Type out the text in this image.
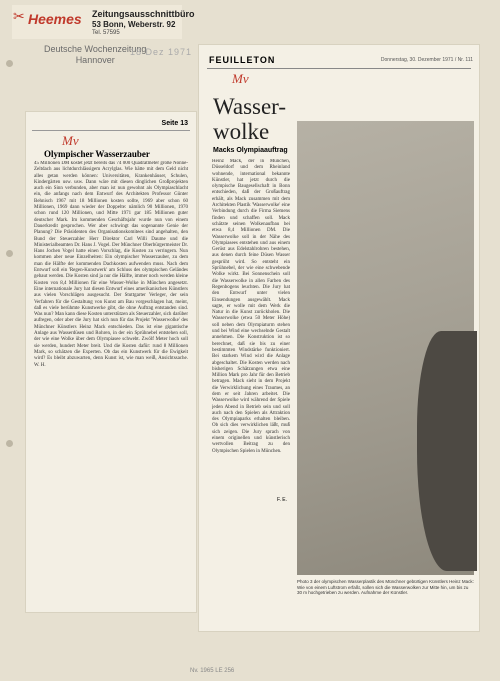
✂ Heemes Zeitungsausschnittbüro
53 Bonn, Weberstr. 92
Tel. 57595
Deutsche Wochenzeitung
Hannover
18 Dez 1971
Seite 13
Mv
Olympischer Wasserzauber
45 Millionen DM kostet jetzt bereits das 74 000 Quadratmeter große Nonne-Zeltdach aus lichtdurchlässigem Acrylglas. Wie hätte mit dem Geld nicht alles getan werden können: Universitäten, Krankenhäuser, Schulen, Kindergärten usw. usw. Dann wäre mit diesen dinglichen Großprojekten auch ein Sinn verbunden, aber man ist nun gewohnt als Olympiaschlacht ein, die anfangs nach dem Entwurf des Architekten Professor Günter Behnisch 1967 mit 18 Millionen kosten sollte, 1969 aber schon 60 Millionen, 1969 dann wieder der Doppelte: nämlich 90 Millionen, 1970 schon rund 120 Millionen, und Mitte 1971 gar 185 Millionen guter deutscher Mark. Im kommenden Geschäftsjahr wurde nun von einem Dauerkredit gesprochen. Wer aber schwingt das sogenannte Genie der Planung? Die Präsidenten des Organisationskomitees sind angehalten, den Bund der Steuerzahler Herr Direktor Carl Willi Daume und die Ministerialbeamten Dr. Hans J. Vogel. Der Münchner Oberbürgermeister Dr. Hans Jochen Vogel hatte einen Vorschlag, die Kosten zu verringern. Nun kommen aber neue Einzelheiten: Ein olympischer Wasserzauber, zu dem man die Hälfte der kommenden Dachkosten aufwenden muss. Nach dem Entwurf soll ein 'Regen-Kunstwerk' am Schluss des olympischen Geländes gebaut werden. Die Kosten sind ja nur die Hälfte, immer noch werden kleine Kosten von 8,4 Millionen für eine Wasser-Wolke in München angesetzt. Eine internationale Jury hat diesen Entwurf eines amerikanischen Künstlers aus vielen Vorschlägen ausgesucht. Der Stuttgarter Verleger, der sein Verfahren für die Gestaltung von Kunst am Bau vorgeschlagen hat, meint, daß es viele berühmte Kunstwerke gibt, die ohne Auftrag entstanden sind. Was nun? Man kann diese Kosten unterstützen als Steuerzahler, sich darüber aufregen, oder aber die Jury hat sich nun für das Projekt 'Wasserwolke' des Münchner Künstlers Heinz Mack entschieden. Das ist eine gigantische Anlage aus Wasserdüsen und Rohren, in der ein Sprühnebel entstehen soll, der wie eine Wolke über dem Olympiasee schwebt. Zwölf Meter hoch soll sie werden, hundert Meter breit. Und die Kosten dafür: rund 8 Millionen Mark, so schätzen die Experten. Ob das ein Kunstwerk für die Ewigkeit wird? Es bleibt abzuwarten, denn Kunst ist, wie man weiß, Ansichtssache. W. H.
FEUILLETON	Donnerstag, 30. Dezember 1971 / Nr. 111
Mv
Wasser-
wolke
Macks Olympiaauftrag
Heinz Mack, der in München, Düsseldorf und dem Rheinland wohnende, international bekannte Künstler, hat jetzt durch die olympische Baugesellschaft in Bonn entschieden, daß der Großauftrag erhält, als Mack zusammen mit dem Architekten Plastik 'Wasserwolke' eine Verbindung durch die Firma Siemens finden und schaffen soll. Mack schätzte seinen Wolkenaufbau bei etwa 8,4 Millionen DM. Die Wasserwolke soll in der Nähe des Olympiasees entstehen und aus einem Gerüst aus Edelstahlrohren bestehen, aus denen durch feine Düsen Wasser gesprüht wird. So entsteht ein Sprühnebel, der wie eine schwebende Wolke wirkt. Bei Sonnenschein soll die Wasserwolke in allen Farben des Regenbogens leuchten. Die Jury hat den Entwurf unter vielen Einsendungen ausgewählt. Mack sagte, er wolle mit dem Werk die Natur in die Kunst zurückholen. Die Wasserwolke (etwa 50 Meter Höhe) soll neben dem Olympiaturm stehen und bei Wind eine wechselnde Gestalt annehmen. Die Konstruktion ist so berechnet, daß sie bis zu einer bestimmten Windstärke funktioniert. Bei starkem Wind wird die Anlage abgeschaltet. Die Kosten werden nach bisherigen Schätzungen etwa eine Million Mark pro Jahr für den Betrieb betragen. Mack sieht in dem Projekt die Verwirklichung eines Traumes, an dem er seit Jahren arbeitet. Die Wasserwolke wird während der Spiele jeden Abend in Betrieb sein und soll auch nach den Spielen als Attraktion des Olympiaparks erhalten bleiben. Ob sich dies verwirklichen läßt, muß sich zeigen. Die Jury sprach von einem originellen und künstlerisch wertvollen Beitrag zu den Olympischen Spielen in München.
F. E.
Photo 3 der olympischen Wasserplastik des Münchner gebürtigen Künstlers Heinz Mack: Wie von einem Luftstrom erfaßt, sollen sich die Wasserwolken zur Mitte hin, um bis zu 30 m hochgetrieben zu werden. Aufnahme der Künstler.
Nv. 1965 LE 256
